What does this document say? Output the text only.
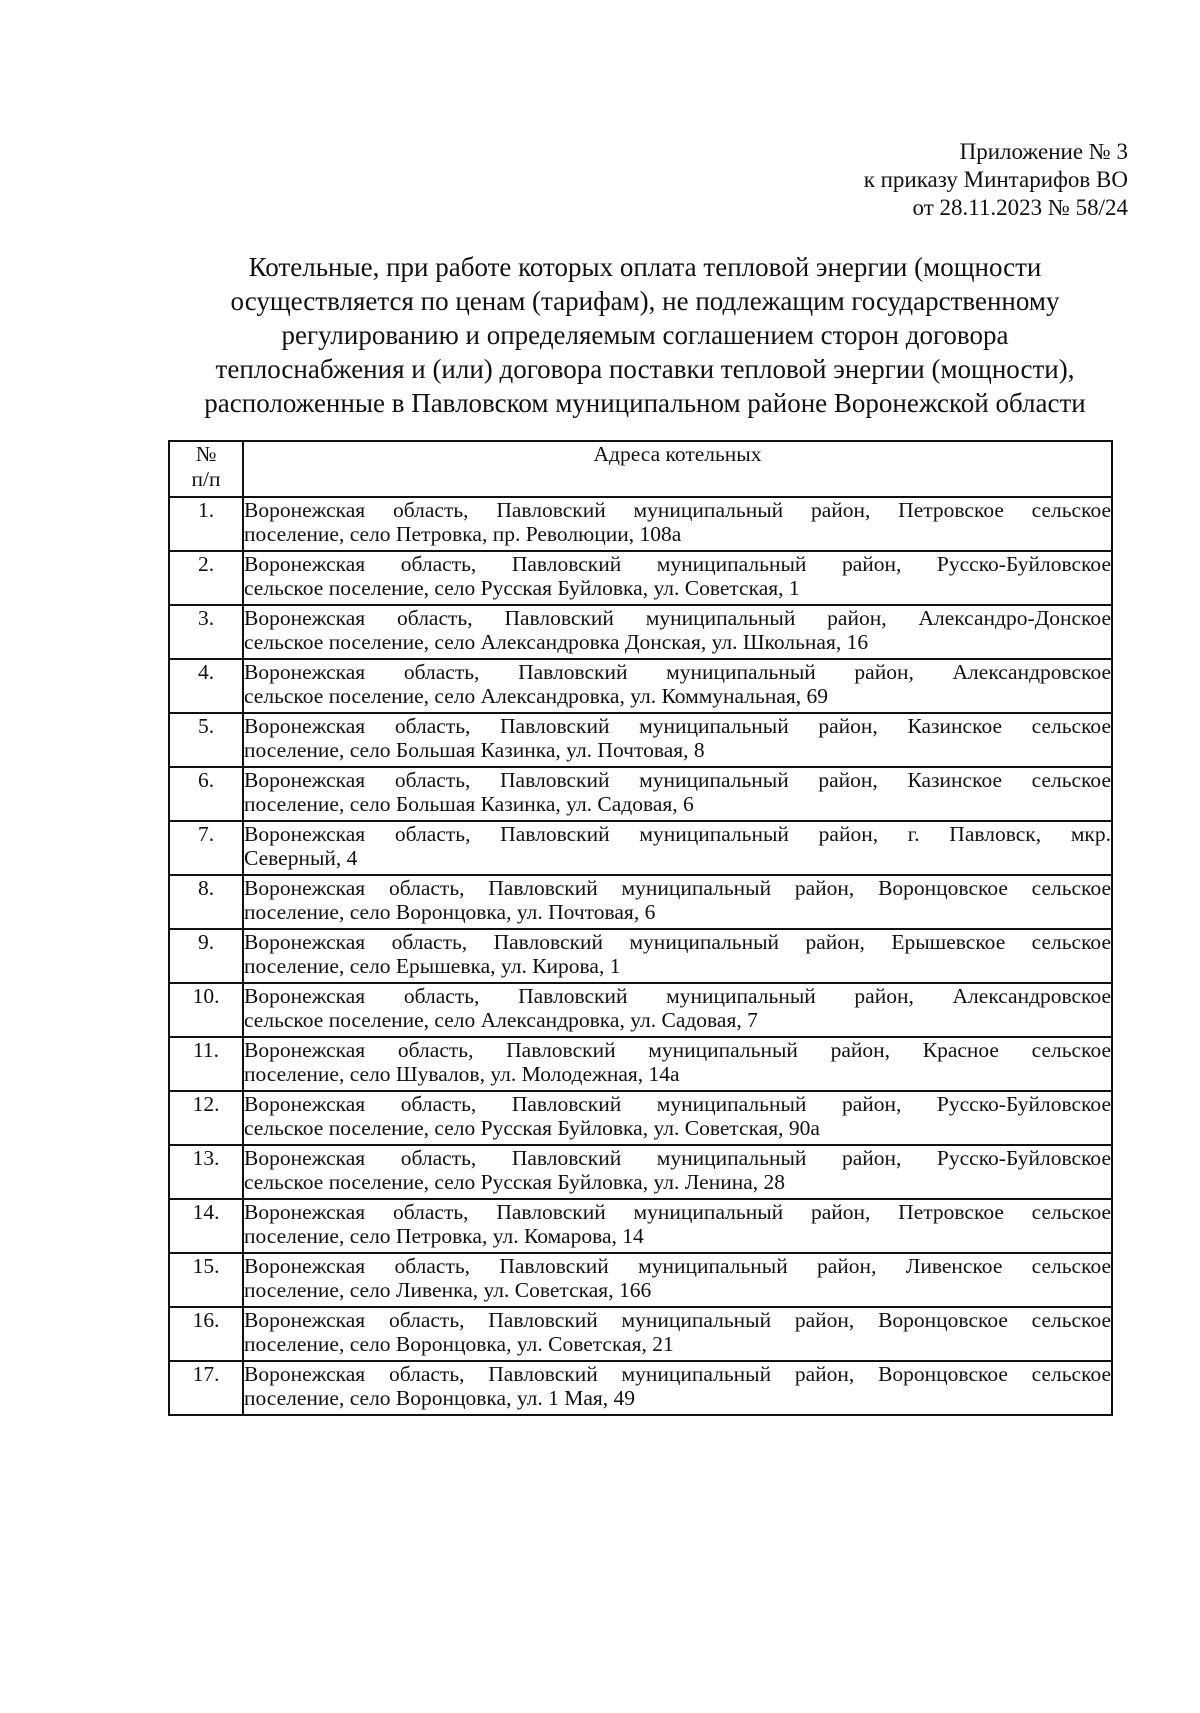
Приложение № 3
к приказу Минтарифов ВО
от 28.11.2023 № 58/24
Котельные, при работе которых оплата тепловой энергии (мощности
осуществляется по ценам (тарифам), не подлежащим государственному
регулированию и определяемым соглашением сторон договора
теплоснабжения и (или) договора поставки тепловой энергии (мощности),
расположенные в Павловском муниципальном районе Воронежской области
№
п/п	Адреса котельных
1.	Воронежская область, Павловский муниципальный район, Петровское сельское
поселение, село Петровка, пр. Революции, 108а

2.	Воронежская область, Павловский муниципальный район, Русско-Буйловское
сельское поселение, село Русская Буйловка, ул. Советская, 1

3.	Воронежская область, Павловский муниципальный район, Александро-Донское
сельское поселение, село Александровка Донская, ул. Школьная, 16

4.	Воронежская область, Павловский муниципальный район, Александровское
сельское поселение, село Александровка, ул. Коммунальная, 69

5.	Воронежская область, Павловский муниципальный район, Казинское сельское
поселение, село Большая Казинка, ул. Почтовая, 8

6.	Воронежская область, Павловский муниципальный район, Казинское сельское
поселение, село Большая Казинка, ул. Садовая, 6

7.	Воронежская область, Павловский муниципальный район, г. Павловск, мкр.
Северный, 4

8.	Воронежская область, Павловский муниципальный район, Воронцовское сельское
поселение, село Воронцовка, ул. Почтовая, 6

9.	Воронежская область, Павловский муниципальный район, Ерышевское сельское
поселение, село Ерышевка, ул. Кирова, 1

10.	Воронежская область, Павловский муниципальный район, Александровское
сельское поселение, село Александровка, ул. Садовая, 7

11.	Воронежская область, Павловский муниципальный район, Красное сельское
поселение, село Шувалов, ул. Молодежная, 14а

12.	Воронежская область, Павловский муниципальный район, Русско-Буйловское
сельское поселение, село Русская Буйловка, ул. Советская, 90а

13.	Воронежская область, Павловский муниципальный район, Русско-Буйловское
сельское поселение, село Русская Буйловка, ул. Ленина, 28

14.	Воронежская область, Павловский муниципальный район, Петровское сельское
поселение, село Петровка, ул. Комарова, 14

15.	Воронежская область, Павловский муниципальный район, Ливенское сельское
поселение, село Ливенка, ул. Советская, 166

16.	Воронежская область, Павловский муниципальный район, Воронцовское сельское
поселение, село Воронцовка, ул. Советская, 21

17.	Воронежская область, Павловский муниципальный район, Воронцовское сельское
поселение, село Воронцовка, ул. 1 Мая, 49
